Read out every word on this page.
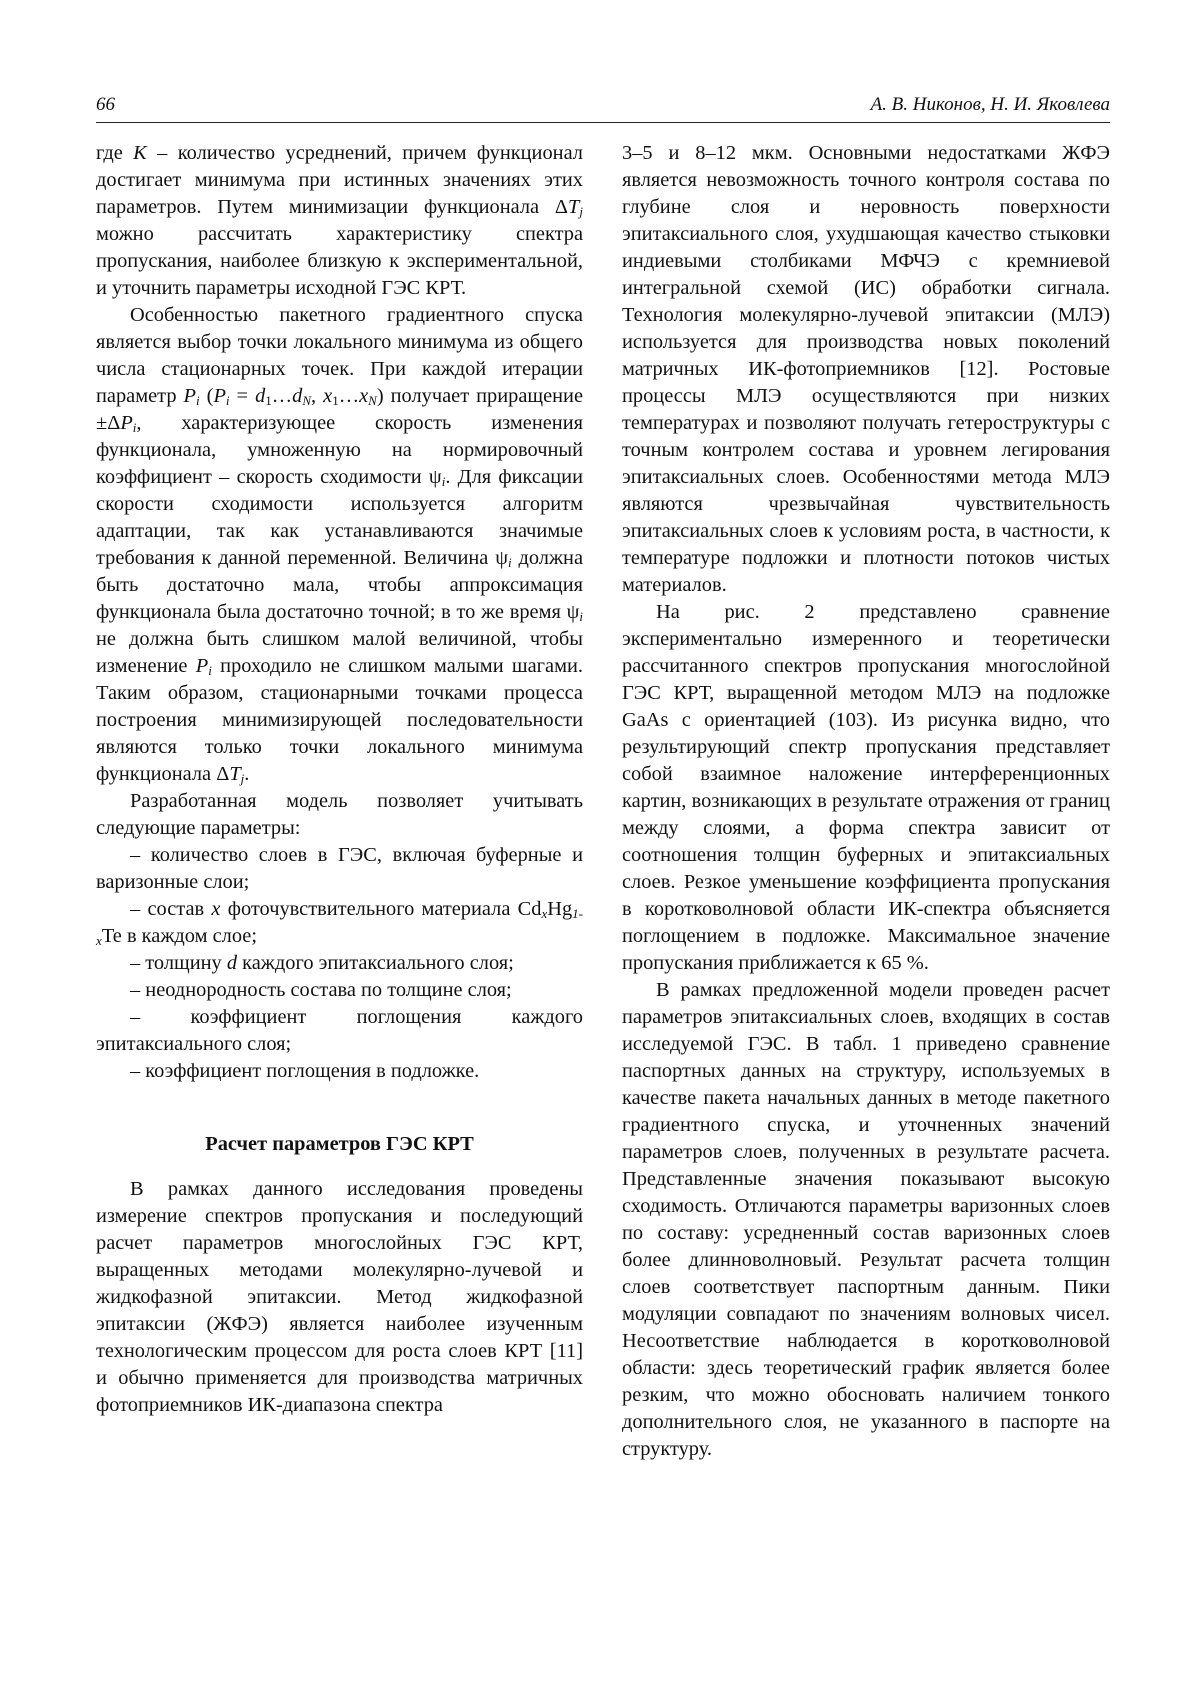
66	А. В. Никонов, Н. И. Яковлева

где K – количество усреднений, причем функционал достигает минимума при истинных значениях этих параметров. Путем минимизации функционала $\Delta T_j$ можно рассчитать характеристику спектра пропускания, наиболее близкую к экспериментальной, и уточнить параметры исходной ГЭС КРТ.

Особенностью пакетного градиентного спуска является выбор точки локального минимума из общего числа стационарных точек. При каждой итерации параметр $P_i$ ($P_i$ = $d_1\dots d_N$, $x_1\dots x_N$) получает приращение $\pm\Delta P_i$, характеризующее скорость изменения функционала, умноженную на нормировочный коэффициент – скорость сходимости $\psi_i$. Для фиксации скорости сходимости используется алгоритм адаптации, так как устанавливаются значимые требования к данной переменной. Величина $\psi_i$ должна быть достаточно мала, чтобы аппроксимация функционала была достаточно точной; в то же время $\psi_i$ не должна быть слишком малой величиной, чтобы изменение $P_i$ проходило не слишком малыми шагами. Таким образом, стационарными точками процесса построения минимизирующей последовательности являются только точки локального минимума функционала $\Delta T_j$.

Разработанная модель позволяет учитывать следующие параметры:

– количество слоев в ГЭС, включая буферные и варизонные слои;

– состав x фоточувствительного материала $Cd_xHg_{1-x}Te$ в каждом слое;

– толщину d каждого эпитаксиального слоя;

– неоднородность состава по толщине слоя;

– коэффициент поглощения каждого эпитаксиального слоя;

– коэффициент поглощения в подложке.

Расчет параметров ГЭС КРТ

В рамках данного исследования проведены измерение спектров пропускания и последующий расчет параметров многослойных ГЭС КРТ, выращенных методами молекулярно-лучевой и жидкофазной эпитаксии. Метод жидкофазной эпитаксии (ЖФЭ) является наиболее изученным технологическим процессом для роста слоев КРТ [11] и обычно применяется для производства матричных фотоприемников ИК-диапазона спектра

3–5 и 8–12 мкм. Основными недостатками ЖФЭ является невозможность точного контроля состава по глубине слоя и неровность поверхности эпитаксиального слоя, ухудшающая качество стыковки индиевыми столбиками МФЧЭ с кремниевой интегральной схемой (ИС) обработки сигнала. Технология молекулярно-лучевой эпитаксии (МЛЭ) используется для производства новых поколений матричных ИК-фотоприемников [12]. Ростовые процессы МЛЭ осуществляются при низких температурах и позволяют получать гетероструктуры с точным контролем состава и уровнем легирования эпитаксиальных слоев. Особенностями метода МЛЭ являются чрезвычайная чувствительность эпитаксиальных слоев к условиям роста, в частности, к температуре подложки и плотности потоков чистых материалов.

На рис. 2 представлено сравнение экспериментально измеренного и теоретически рассчитанного спектров пропускания многослойной ГЭС КРТ, выращенной методом МЛЭ на подложке GaAs с ориентацией (103). Из рисунка видно, что результирующий спектр пропускания представляет собой взаимное наложение интерференционных картин, возникающих в результате отражения от границ между слоями, а форма спектра зависит от соотношения толщин буферных и эпитаксиальных слоев. Резкое уменьшение коэффициента пропускания в коротковолновой области ИК-спектра объясняется поглощением в подложке. Максимальное значение пропускания приближается к 65 %.

В рамках предложенной модели проведен расчет параметров эпитаксиальных слоев, входящих в состав исследуемой ГЭС. В табл. 1 приведено сравнение паспортных данных на структуру, используемых в качестве пакета начальных данных в методе пакетного градиентного спуска, и уточненных значений параметров слоев, полученных в результате расчета. Представленные значения показывают высокую сходимость. Отличаются параметры варизонных слоев по составу: усредненный состав варизонных слоев более длинноволновый. Результат расчета толщин слоев соответствует паспортным данным. Пики модуляции совпадают по значениям волновых чисел. Несоответствие наблюдается в коротковолновой области: здесь теоретический график является более резким, что можно обосновать наличием тонкого дополнительного слоя, не указанного в паспорте на структуру.
